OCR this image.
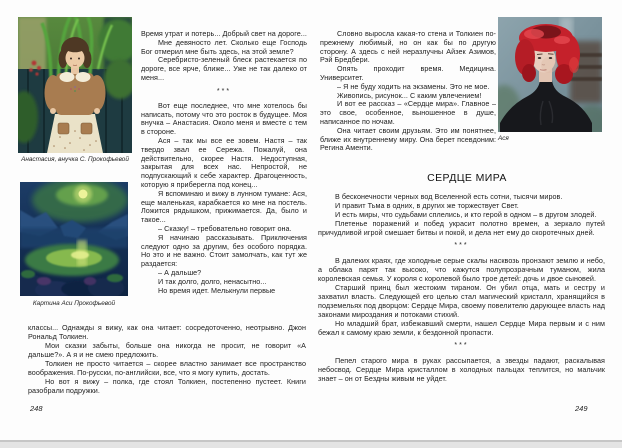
Анастасия, внучка С. Прокофьевой
Картина Аси Прокофьевой

Время утрат и потерь... Добрый свет на дороге...

Мне девяносто лет. Сколько еще Господь Бог отмерил мне быть здесь, на этой земле?

Серебристо-зеленый блеск растекается по дороге, все ярче, ближе... Уже не так далеко от меня...

***

Вот еще последнее, что мне хотелось бы написать, потому что это росток в будущее. Моя внучка – Анастасия. Около меня и вместе с тем в стороне.

Ася – так мы все ее зовем. Настя – так твердо звал ее Сережа. Пожалуй, она действительно, скорее Настя. Недоступная, закрытая для всех нас. Непростой, не подпускающий к себе характер. Драгоценность, которую я приберегла под конец...

Я вспоминаю и вижу в лунном тумане: Ася, еще маленькая, карабкается ко мне на постель. Ложится рядышком, прижимается. Да, было и такое...

– Сказку! – требовательно говорит она.

Я начинаю рассказывать. Приключения следуют одно за другим, без особого порядка. Но это и не важно. Стоит замолчать, как тут же раздается:

– А дальше?

И так долго, долго, ненасытно...

Но время идет. Мелькнули первые

классы... Однажды я вижу, как она читает: сосредоточенно, неотрывно. Джон Рональд Толкиен.

Мои сказки забыты, больше она никогда не просит, не говорит «А дальше?». А я и не смею предложить.

Толкиен не просто читается – скорее властно занимает все пространство воображения. По-русски, по-английски, все, что я могу купить, достать.

Но вот я вижу – полка, где стоял Толкиен, постепенно пустеет. Книги разобрали подружки.

248

Словно выросла какая-то стена и Толкиен по-прежнему любимый, но он как бы по другую сторону. А здесь с ней неразлучны Айзек Азимов, Рэй Бредбери.

Опять проходит время. Медицина. Университет.

– Я не буду ходить на экзамены. Это не мое.

Живопись, рисунок... С каким увлечением!

И вот ее рассказ – «Сердце мира». Главное – это свое, особенное, выношенное в душе, написанное по ночам.

Она читает своим друзьям. Это им понятнее, ближе их внутреннему миру. Она берет псевдоним: Регина Аменти.

Ася
СЕРДЦЕ МИРА

В бесконечности черных вод Вселенной есть сотни, тысячи миров.

И правит Тьма в одних, в других же торжествует Свет.

И есть миры, что судьбами сплелись, и кто герой в одном – в другом злодей.

Плетенье поражений и побед украсит полотно времен, а зеркало путей причудливой игрой смешает битвы и покой, и дела нет ему до скоротечных дней.

***

В далеких краях, где холодные серые скалы насквозь пронзают землю и небо, а облака парят так высоко, что кажутся полупрозрачным туманом, жила королевская семья. У короля с королевой было трое детей: дочь и двое сыновей.

Старший принц был жестоким тираном. Он убил отца, мать и сестру и захватил власть. Следующей его целью стал магический кристалл, хранящийся в подземельях под дворцом: Сердце Мира, своему повелителю дарующее власть над законами мироздания и потоками стихий.

Но младший брат, избежавший смерти, нашел Сердце Мира первым и с ним бежал к самому краю земли, к бездонной пропасти.

***

Пепел старого мира в руках рассыпается, а звезды падают, раскалывая небосвод. Сердце Мира кристаллом в холодных пальцах теплится, но мальчик знает – он от Бездны живым не уйдет.

249
